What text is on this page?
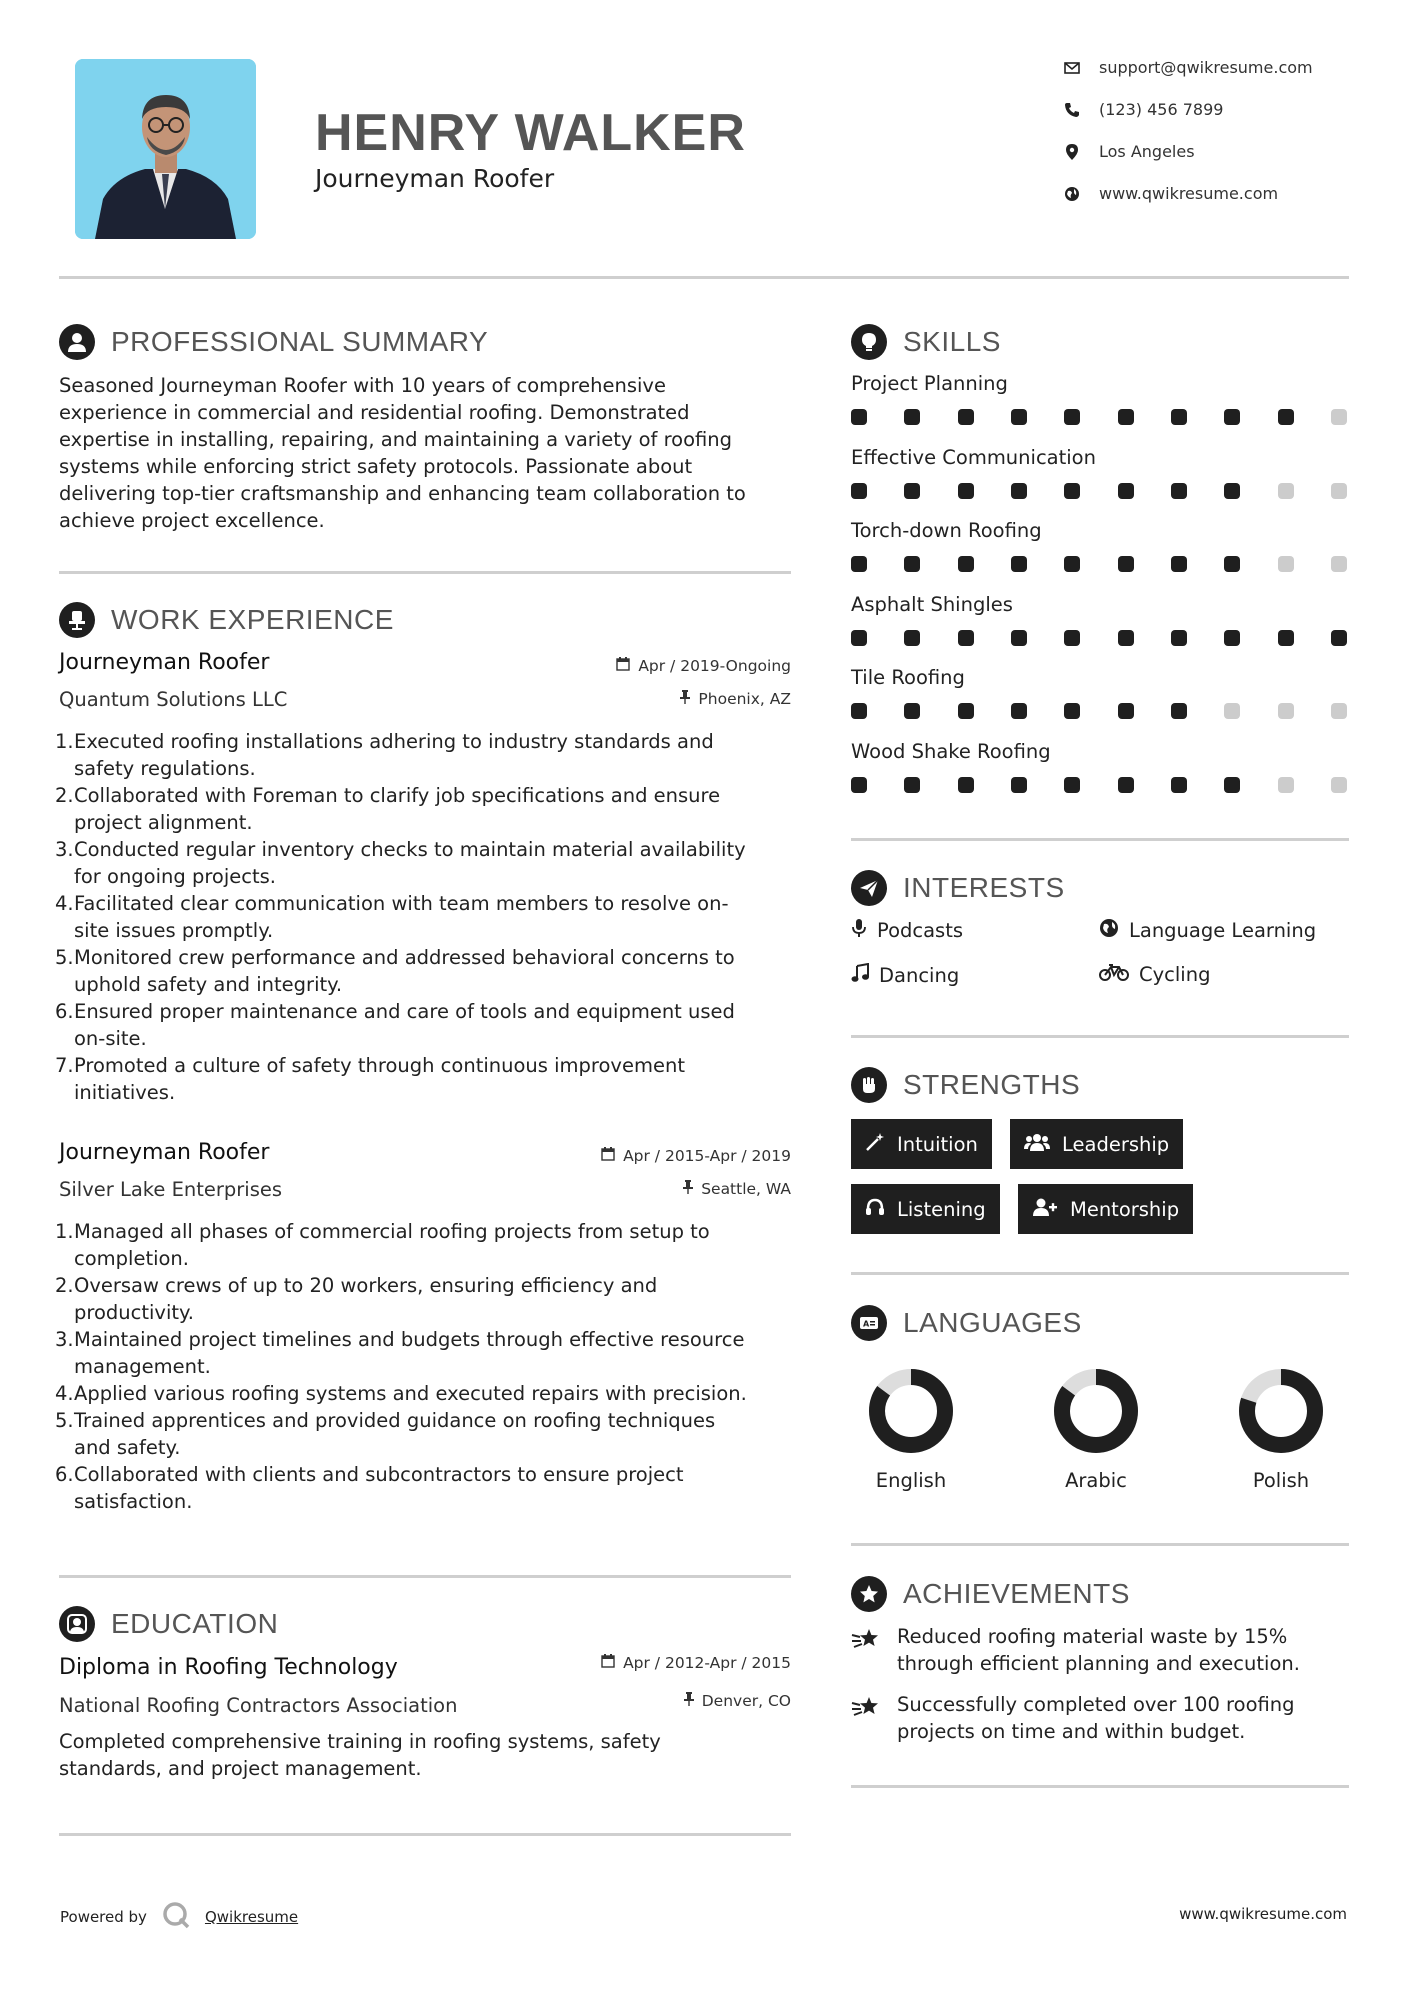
HENRY WALKER
Journeyman Roofer
support@qwikresume.com
(123) 456 7899
Los Angeles
www.qwikresume.com
PROFESSIONAL SUMMARY
Seasoned Journeyman Roofer with 10 years of comprehensive
experience in commercial and residential roofing. Demonstrated
expertise in installing, repairing, and maintaining a variety of roofing
systems while enforcing strict safety protocols. Passionate about
delivering top-tier craftsmanship and enhancing team collaboration to
achieve project excellence.
WORK EXPERIENCE
Journeyman Roofer
Quantum Solutions LLC
Apr / 2019-Ongoing
Phoenix, AZ
1. Executed roofing installations adhering to industry standards and
safety regulations.
2. Collaborated with Foreman to clarify job specifications and ensure
project alignment.
3. Conducted regular inventory checks to maintain material availability
for ongoing projects.
4. Facilitated clear communication with team members to resolve on-
site issues promptly.
5. Monitored crew performance and addressed behavioral concerns to
uphold safety and integrity.
6. Ensured proper maintenance and care of tools and equipment used
on-site.
7. Promoted a culture of safety through continuous improvement
initiatives.
Journeyman Roofer
Silver Lake Enterprises
Apr / 2015-Apr / 2019
Seattle, WA
1. Managed all phases of commercial roofing projects from setup to
completion.
2. Oversaw crews of up to 20 workers, ensuring efficiency and
productivity.
3. Maintained project timelines and budgets through effective resource
management.
4. Applied various roofing systems and executed repairs with precision.
5. Trained apprentices and provided guidance on roofing techniques
and safety.
6. Collaborated with clients and subcontractors to ensure project
satisfaction.
EDUCATION
Diploma in Roofing Technology
National Roofing Contractors Association
Apr / 2012-Apr / 2015
Denver, CO
Completed comprehensive training in roofing systems, safety
standards, and project management.
SKILLS
Project Planning
Effective Communication
Torch-down Roofing
Asphalt Shingles
Tile Roofing
Wood Shake Roofing
INTERESTS
Podcasts	Language Learning
Dancing	Cycling
STRENGTHS
Intuition	Leadership
Listening	Mentorship
A LANGUAGES
English	Arabic	Polish
ACHIEVEMENTS
Reduced roofing material waste by 15%
through efficient planning and execution.
Successfully completed over 100 roofing
projects on time and within budget.
Powered by	Qwikresume	www.qwikresume.com
